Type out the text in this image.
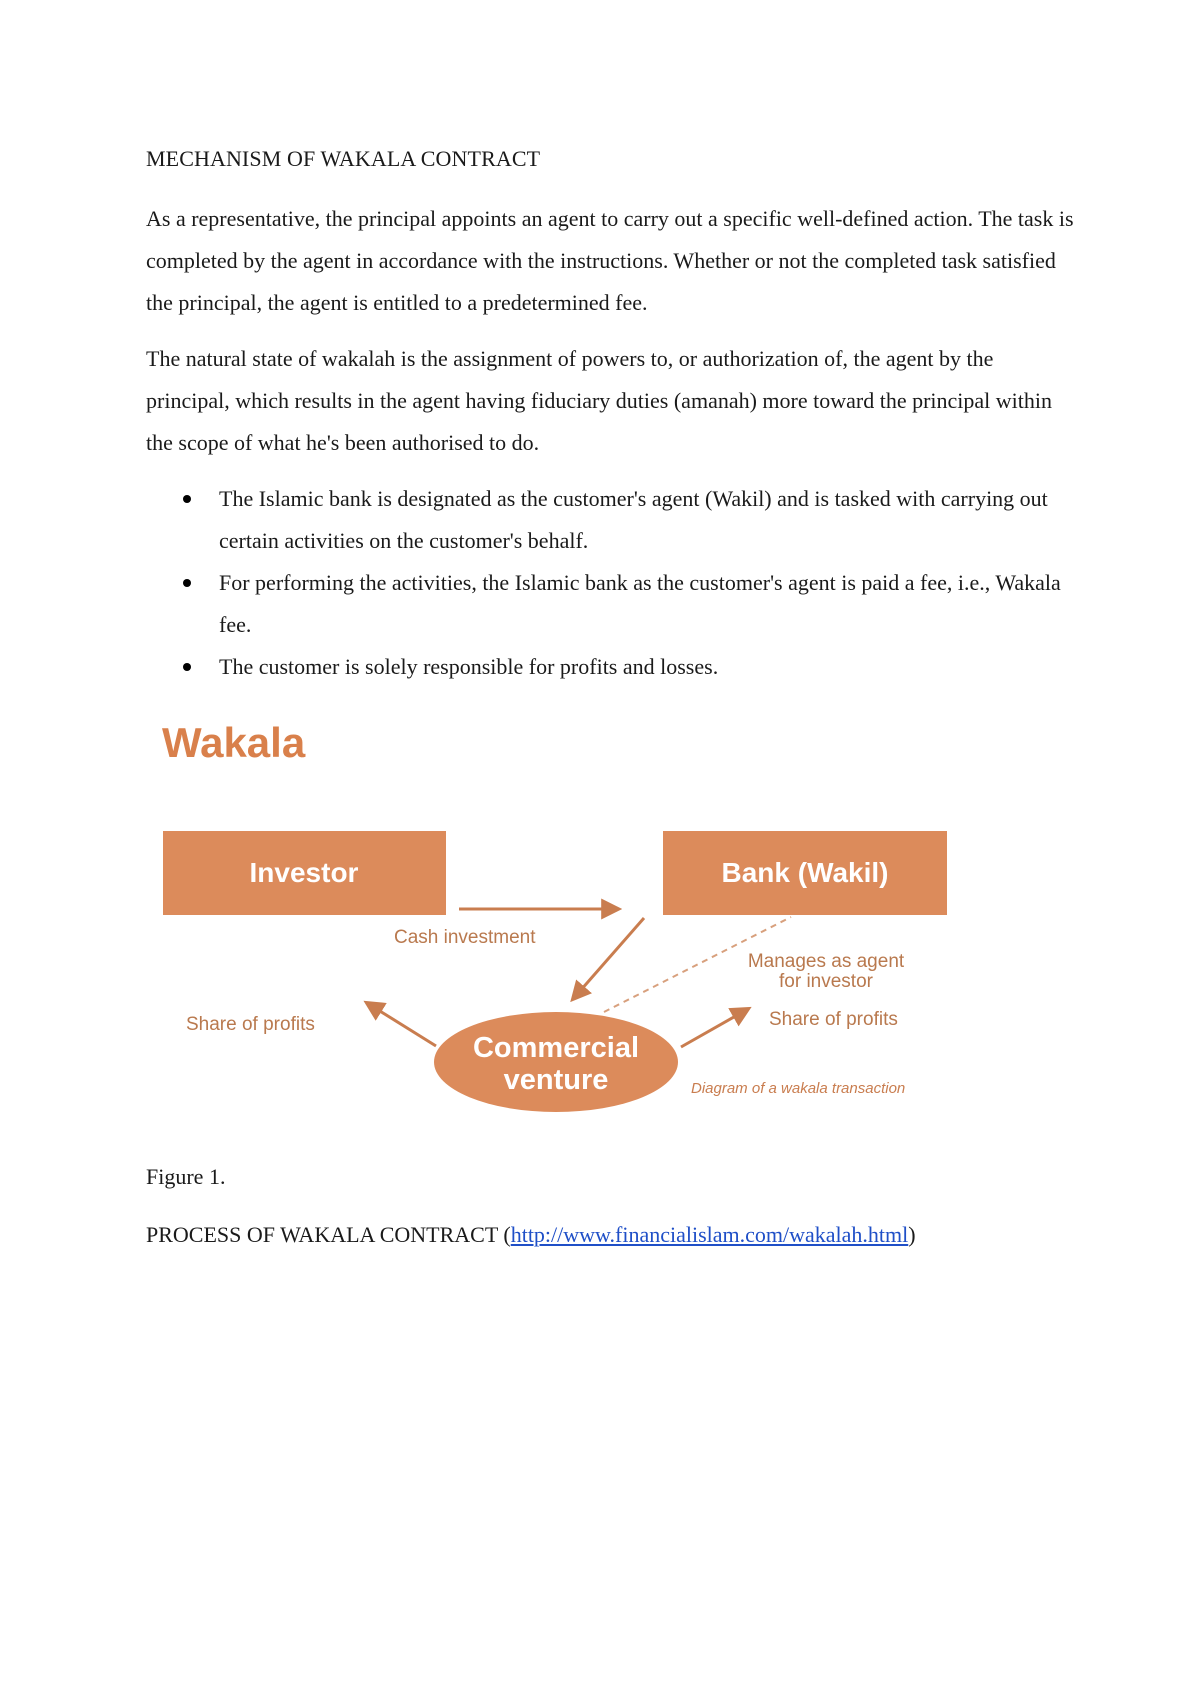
MECHANISM OF WAKALA CONTRACT

As a representative, the principal appoints an agent to carry out a specific well-defined action. The task is completed by the agent in accordance with the instructions. Whether or not the completed task satisfied the principal, the agent is entitled to a predetermined fee.

The natural state of wakalah is the assignment of powers to, or authorization of, the agent by the principal, which results in the agent having fiduciary duties (amanah) more toward the principal within the scope of what he's been authorised to do.

The Islamic bank is designated as the customer's agent (Wakil) and is tasked with carrying out certain activities on the customer's behalf.
For performing the activities, the Islamic bank as the customer's agent is paid a fee, i.e., Wakala fee.
The customer is solely responsible for profits and losses.
Wakala
Investor	Bank (Wakil)
Commercial
venture
Cash investment
Manages as agent
for investor
Share of profits	Share of profits
Diagram of a wakala transaction
Figure 1.
PROCESS OF WAKALA CONTRACT (http://www.financialislam.com/wakalah.html)
